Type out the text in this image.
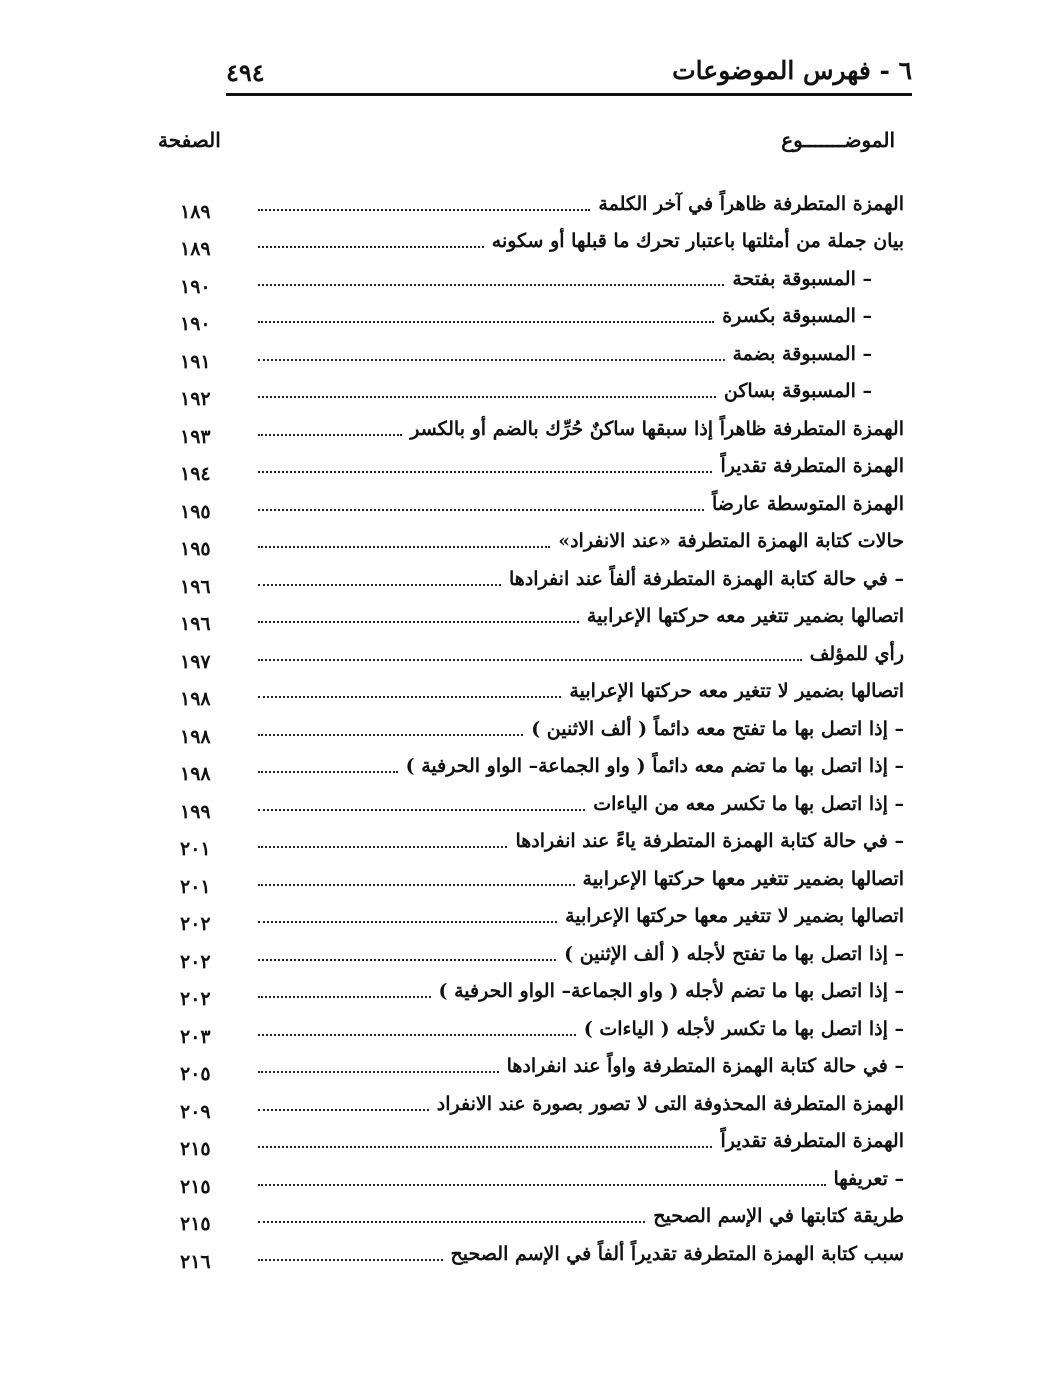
٦ - فهرس الموضوعات
٤٩٤
الموضـــــــوع
الصفحة
الهمزة المتطرفة ظاهراً في آخر الكلمة
١٨٩
بيان جملة من أمثلتها باعتبار تحرك ما قبلها أو سكونه
١٨٩
– المسبوقة بفتحة
١٩٠
– المسبوقة بكسرة
١٩٠
– المسبوقة بضمة
١٩١
– المسبوقة بساكن
١٩٢
الهمزة المتطرفة ظاهراً إذا سبقها ساكنٌ حُرِّك بالضم أو بالكسر
١٩٣
الهمزة المتطرفة تقديراً
١٩٤
الهمزة المتوسطة عارضاً
١٩٥
حالات كتابة الهمزة المتطرفة «عند الانفراد»
١٩٥
– في حالة كتابة الهمزة المتطرفة ألفاً عند انفرادها
١٩٦
اتصالها بضمير تتغير معه حركتها الإعرابية
١٩٦
رأي للمؤلف
١٩٧
اتصالها بضمير لا تتغير معه حركتها الإعرابية
١٩٨
– إذا اتصل بها ما تفتح معه دائماً ( ألف الاثنين )
١٩٨
– إذا اتصل بها ما تضم معه دائماً ( واو الجماعة– الواو الحرفية )
١٩٨
– إذا اتصل بها ما تكسر معه من الياءات
١٩٩
– في حالة كتابة الهمزة المتطرفة ياءً عند انفرادها
٢٠١
اتصالها بضمير تتغير معها حركتها الإعرابية
٢٠١
اتصالها بضمير لا تتغير معها حركتها الإعرابية
٢٠٢
– إذا اتصل بها ما تفتح لأجله ( ألف الإثنين )
٢٠٢
– إذا اتصل بها ما تضم لأجله ( واو الجماعة– الواو الحرفية )
٢٠٢
– إذا اتصل بها ما تكسر لأجله ( الياءات )
٢٠٣
– في حالة كتابة الهمزة المتطرفة واواً عند انفرادها
٢٠٥
الهمزة المتطرفة المحذوفة التى لا تصور بصورة عند الانفراد
٢٠٩
الهمزة المتطرفة تقديراً
٢١٥
– تعريفها
٢١٥
طريقة كتابتها في الإسم الصحيح
٢١٥
سبب كتابة الهمزة المتطرفة تقديراً ألفاً في الإسم الصحيح
٢١٦
